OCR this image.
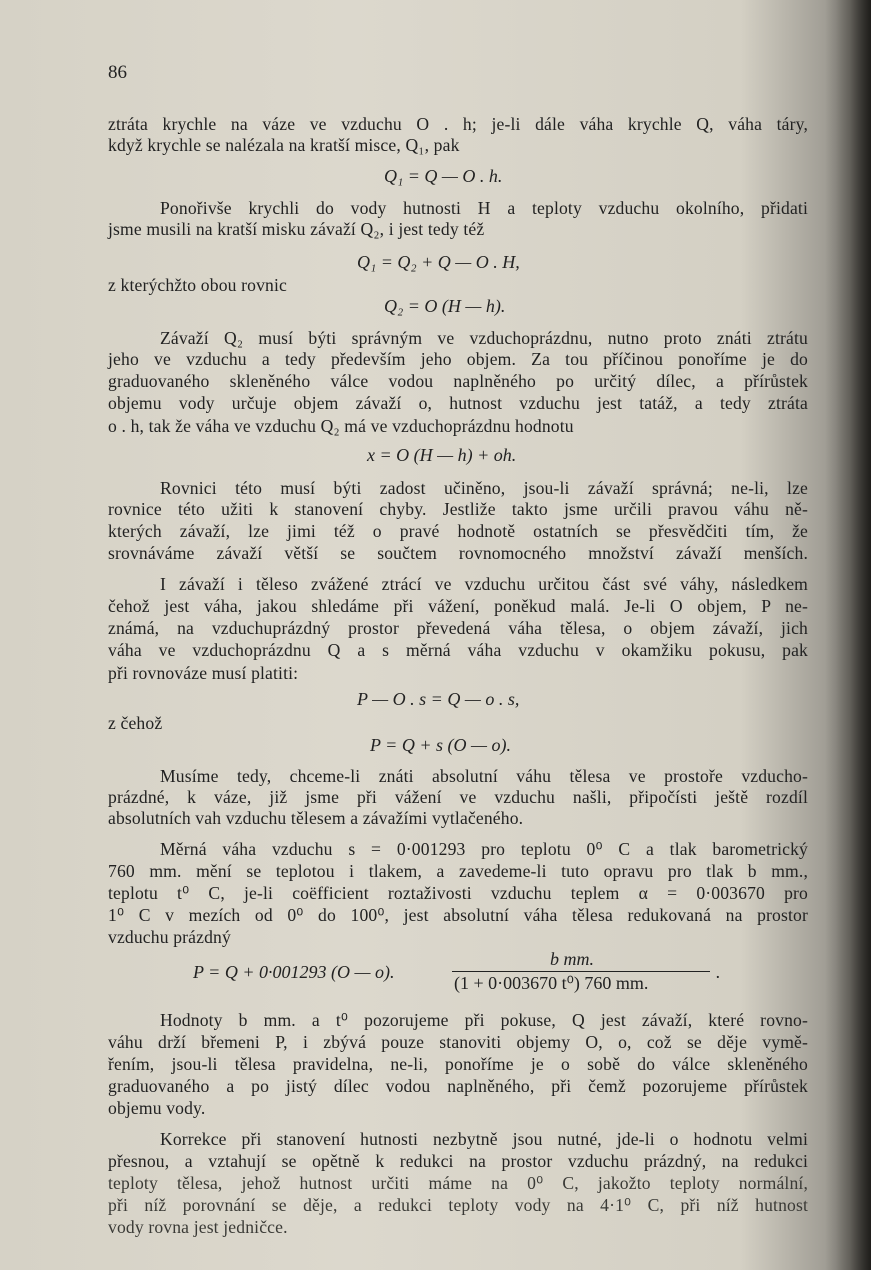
86
ztráta krychle na váze ve vzduchu O . h; je-li dále váha krychle Q, váha táry,
když krychle se nalézala na kratší misce, Q₁, pak
Q₁ = Q — O . h.
Ponořivše krychli do vody hutnosti H a teploty vzduchu okolního, přidati
jsme musili na kratší misku závaží Q₂, i jest tedy též
Q₁ = Q₂ + Q — O . H,
z kterýchžto obou rovnic
Q₂ = O (H — h).
Závaží Q₂ musí býti správným ve vzduchoprázdnu, nutno proto znáti ztrátu
jeho ve vzduchu a tedy především jeho objem. Za tou příčinou ponoříme je do
graduovaného skleněného válce vodou naplněného po určitý dílec, a přírůstek
objemu vody určuje objem závaží o, hutnost vzduchu jest tatáž, a tedy ztráta
o . h, tak že váha ve vzduchu Q₂ má ve vzduchoprázdnu hodnotu
x = O (H — h) + oh.
Rovnici této musí býti zadost učiněno, jsou-li závaží správná; ne-li, lze
rovnice této užiti k stanovení chyby. Jestliže takto jsme určili pravou váhu ně-
kterých závaží, lze jimi též o pravé hodnotě ostatních se přesvědčiti tím, že
srovnáváme závaží větší se součtem rovnomocného množství závaží menších.
I závaží i těleso zvážené ztrácí ve vzduchu určitou část své váhy, následkem
čehož jest váha, jakou shledáme při vážení, poněkud malá. Je-li O objem, P ne-
známá, na vzduchuprázdný prostor převedená váha tělesa, o objem závaží, jich
váha ve vzduchoprázdnu Q a s měrná váha vzduchu v okamžiku pokusu, pak
při rovnováze musí platiti:
P — O . s = Q — o . s,
z čehož
P = Q + s (O — o).
Musíme tedy, chceme-li znáti absolutní váhu tělesa ve prostoře vzducho-
prázdné, k váze, již jsme při vážení ve vzduchu našli, připočísti ještě rozdíl
absolutních vah vzduchu tělesem a závažími vytlačeného.
Měrná váha vzduchu s = 0·001293 pro teplotu 0⁰ C a tlak barometrický
760 mm. mění se teplotou i tlakem, a zavedeme-li tuto opravu pro tlak b mm.,
teplotu t⁰ C, je-li coëfficient roztaživosti vzduchu teplem α = 0·003670 pro
1⁰ C v mezích od 0⁰ do 100⁰, jest absolutní váha tělesa redukovaná na prostor
vzduchu prázdný
P = Q + 0·001293 (O — o).
b mm.
(1 + 0·003670 t⁰) 760 mm.
.
Hodnoty b mm. a t⁰ pozorujeme při pokuse, Q jest závaží, které rovno-
váhu drží břemeni P, i zbývá pouze stanoviti objemy O, o, což se děje vymě-
řením, jsou-li tělesa pravidelna, ne-li, ponoříme je o sobě do válce skleněného
graduovaného a po jistý dílec vodou naplněného, při čemž pozorujeme přírůstek
objemu vody.
Korrekce při stanovení hutnosti nezbytně jsou nutné, jde-li o hodnotu velmi
přesnou, a vztahují se opětně k redukci na prostor vzduchu prázdný, na redukci
teploty tělesa, jehož hutnost určiti máme na 0⁰ C, jakožto teploty normální,
při níž porovnání se děje, a redukci teploty vody na 4·1⁰ C, při níž hutnost
vody rovna jest jedničce.
